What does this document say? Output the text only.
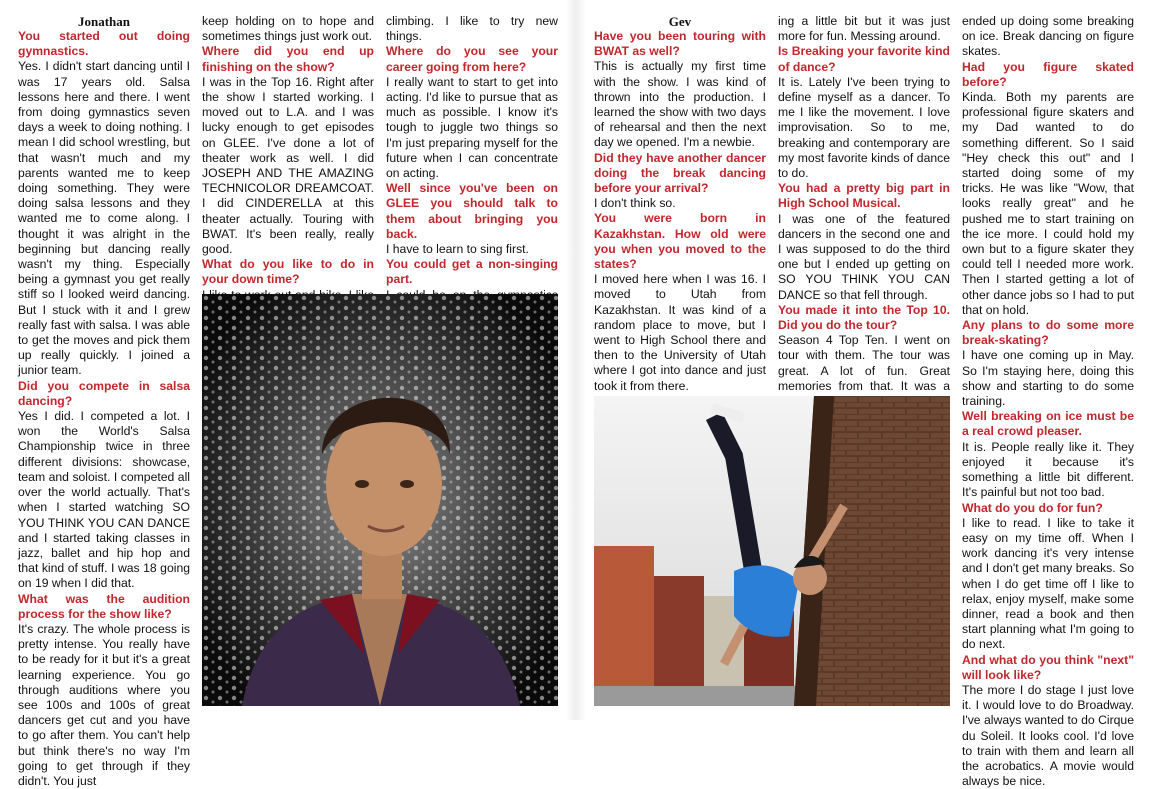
Jonathan

You started out doing gymnastics.

Yes. I didn't start dancing until I was 17 years old. Salsa lessons here and there. I went from doing gymnastics seven days a week to doing nothing. I mean I did school wrestling, but that wasn't much and my parents wanted me to keep doing something. They were doing salsa lessons and they wanted me to come along. I thought it was alright in the beginning but dancing really wasn't my thing. Especially being a gymnast you get really stiff so I looked weird dancing. But I stuck with it and I grew really fast with salsa. I was able to get the moves and pick them up really quickly. I joined a junior team.

Did you compete in salsa dancing?

Yes I did. I competed a lot. I won the World's Salsa Championship twice in three different divisions: showcase, team and soloist. I competed all over the world actually. That's when I started watching SO YOU THINK YOU CAN DANCE and I started taking classes in jazz, ballet and hip hop and that kind of stuff. I was 18 going on 19 when I did that.

What was the audition process for the show like?

It's crazy. The whole process is pretty intense. You really have to be ready for it but it's a great learning experience. You go through auditions where you see 100s and 100s of great dancers get cut and you have to go after them. You can't help but think there's no way I'm going to get through if they didn't. You just

keep holding on to hope and sometimes things just work out.

Where did you end up finishing on the show?

I was in the Top 16. Right after the show I started working. I moved out to L.A. and I was lucky enough to get episodes on GLEE. I've done a lot of theater work as well. I did JOSEPH AND THE AMAZING TECHNICOLOR DREAMCOAT. I did CINDERELLA at this theater actually. Touring with BWAT. It's been really, really good.

What do you like to do in your down time?

climbing. I like to try new things.

Where do you see your career going from here?

I really want to start to get into acting. I'd like to pursue that as much as possible. I know it's tough to juggle two things so I'm just preparing myself for the future when I can concentrate on acting.

Well since you've been on GLEE you should talk to them about bringing you back.

I have to learn to sing first.

You could get a non-singing part.

Gev

Have you been touring with BWAT as well?

This is actually my first time with the show. I was kind of thrown into the production. I learned the show with two days of rehearsal and then the next day we opened. I'm a newbie.

Did they have another dancer doing the break dancing before your arrival?

I don't think so.

You were born in Kazakhstan. How old were you when you moved to the states?

I moved here when I was 16. I moved to Utah from Kazakhstan. It was kind of a random place to move, but I went to High School there and then to the University of Utah where I got into dance and just took it from there.

ing a little bit but it was just more for fun. Messing around.

Is Breaking your favorite kind of dance?

It is. Lately I've been trying to define myself as a dancer. To me I like the movement. I love improvisation. So to me, breaking and contemporary are my most favorite kinds of dance to do.

You had a pretty big part in High School Musical.

I was one of the featured dancers in the second one and I was supposed to do the third one but I ended up getting on SO YOU THINK YOU CAN DANCE so that fell through.

You made it into the Top 10. Did you do the tour?

Season 4 Top Ten. I went on tour with them. The tour was great. A lot of fun. Great memories from that. It was a

ended up doing some breaking on ice. Break dancing on figure skates.

Had you figure skated before?

Kinda. Both my parents are professional figure skaters and my Dad wanted to do something different. So I said "Hey check this out" and I started doing some of my tricks. He was like "Wow, that looks really great" and he pushed me to start training on the ice more. I could hold my own but to a figure skater they could tell I needed more work. Then I started getting a lot of other dance jobs so I had to put that on hold.

Any plans to do some more break-skating?

I have one coming up in May. So I'm staying here, doing this show and starting to do some training.

Well breaking on ice must be a real crowd pleaser.

It is. People really like it. They enjoyed it because it's something a little bit different. It's painful but not too bad.

What do you do for fun?

I like to read. I like to take it easy on my time off. When I work dancing it's very intense and I don't get many breaks. So when I do get time off I like to relax, enjoy myself, make some dinner, read a book and then start planning what I'm going to do next.

And what do you think "next" will look like?

The more I do stage I just love it. I would love to do Broadway. I've always wanted to do Cirque du Soleil. It looks cool. I'd love to train with them and learn all the acrobatics. A movie would always be nice.
